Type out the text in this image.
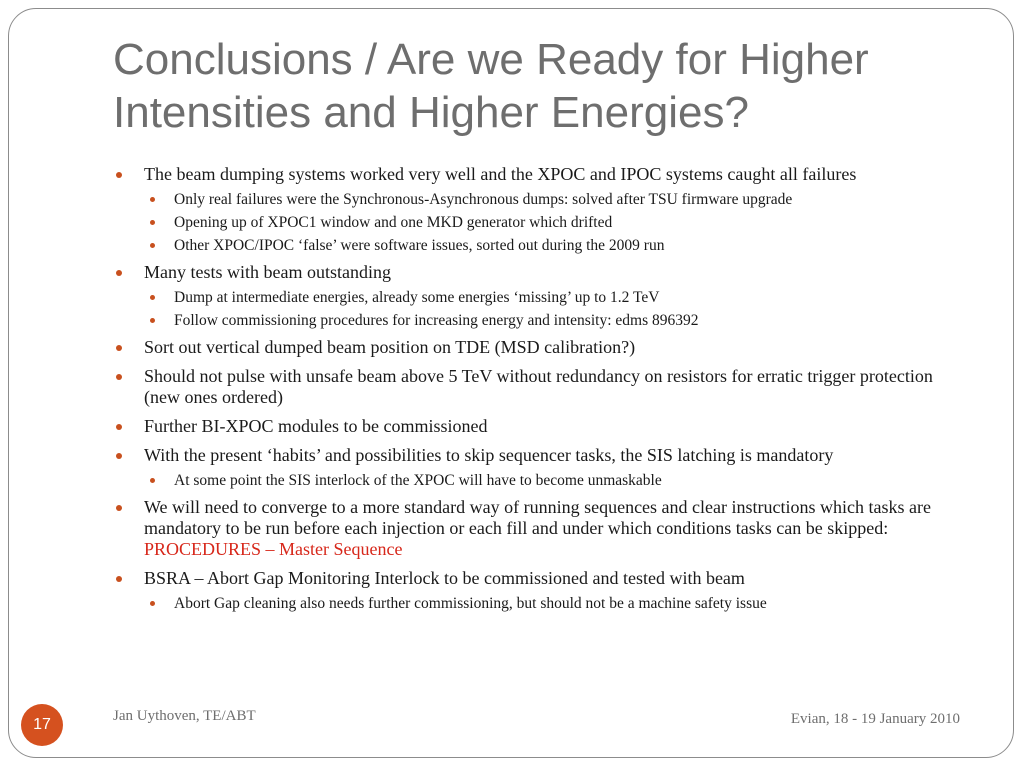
Conclusions / Are we Ready for Higher Intensities and Higher Energies?
The beam dumping systems worked very well and the XPOC and IPOC systems caught all failures
Only real failures were the Synchronous-Asynchronous dumps: solved after TSU firmware upgrade
Opening up of XPOC1 window and one MKD generator which drifted
Other XPOC/IPOC ‘false’ were software issues, sorted out during the 2009 run
Many tests with beam outstanding
Dump at intermediate energies, already some energies ‘missing’ up to 1.2 TeV
Follow commissioning procedures for increasing energy and intensity: edms 896392
Sort out vertical dumped beam position on TDE (MSD calibration?)
Should not pulse with unsafe beam above 5 TeV without redundancy on resistors for erratic trigger protection (new ones ordered)
Further BI-XPOC modules to be commissioned
With the present ‘habits’ and possibilities to skip sequencer tasks, the SIS latching is mandatory
At some point the SIS interlock of the XPOC will have to become unmaskable
We will need to converge to a more standard way of running sequences and clear instructions which tasks are mandatory to be run before each injection or each fill and under which conditions tasks can be skipped: PROCEDURES – Master Sequence
BSRA – Abort Gap Monitoring Interlock to be commissioned and tested with beam
Abort Gap cleaning also needs further commissioning, but should not be a machine safety issue
17	Jan Uythoven, TE/ABT	Evian, 18 - 19 January 2010
